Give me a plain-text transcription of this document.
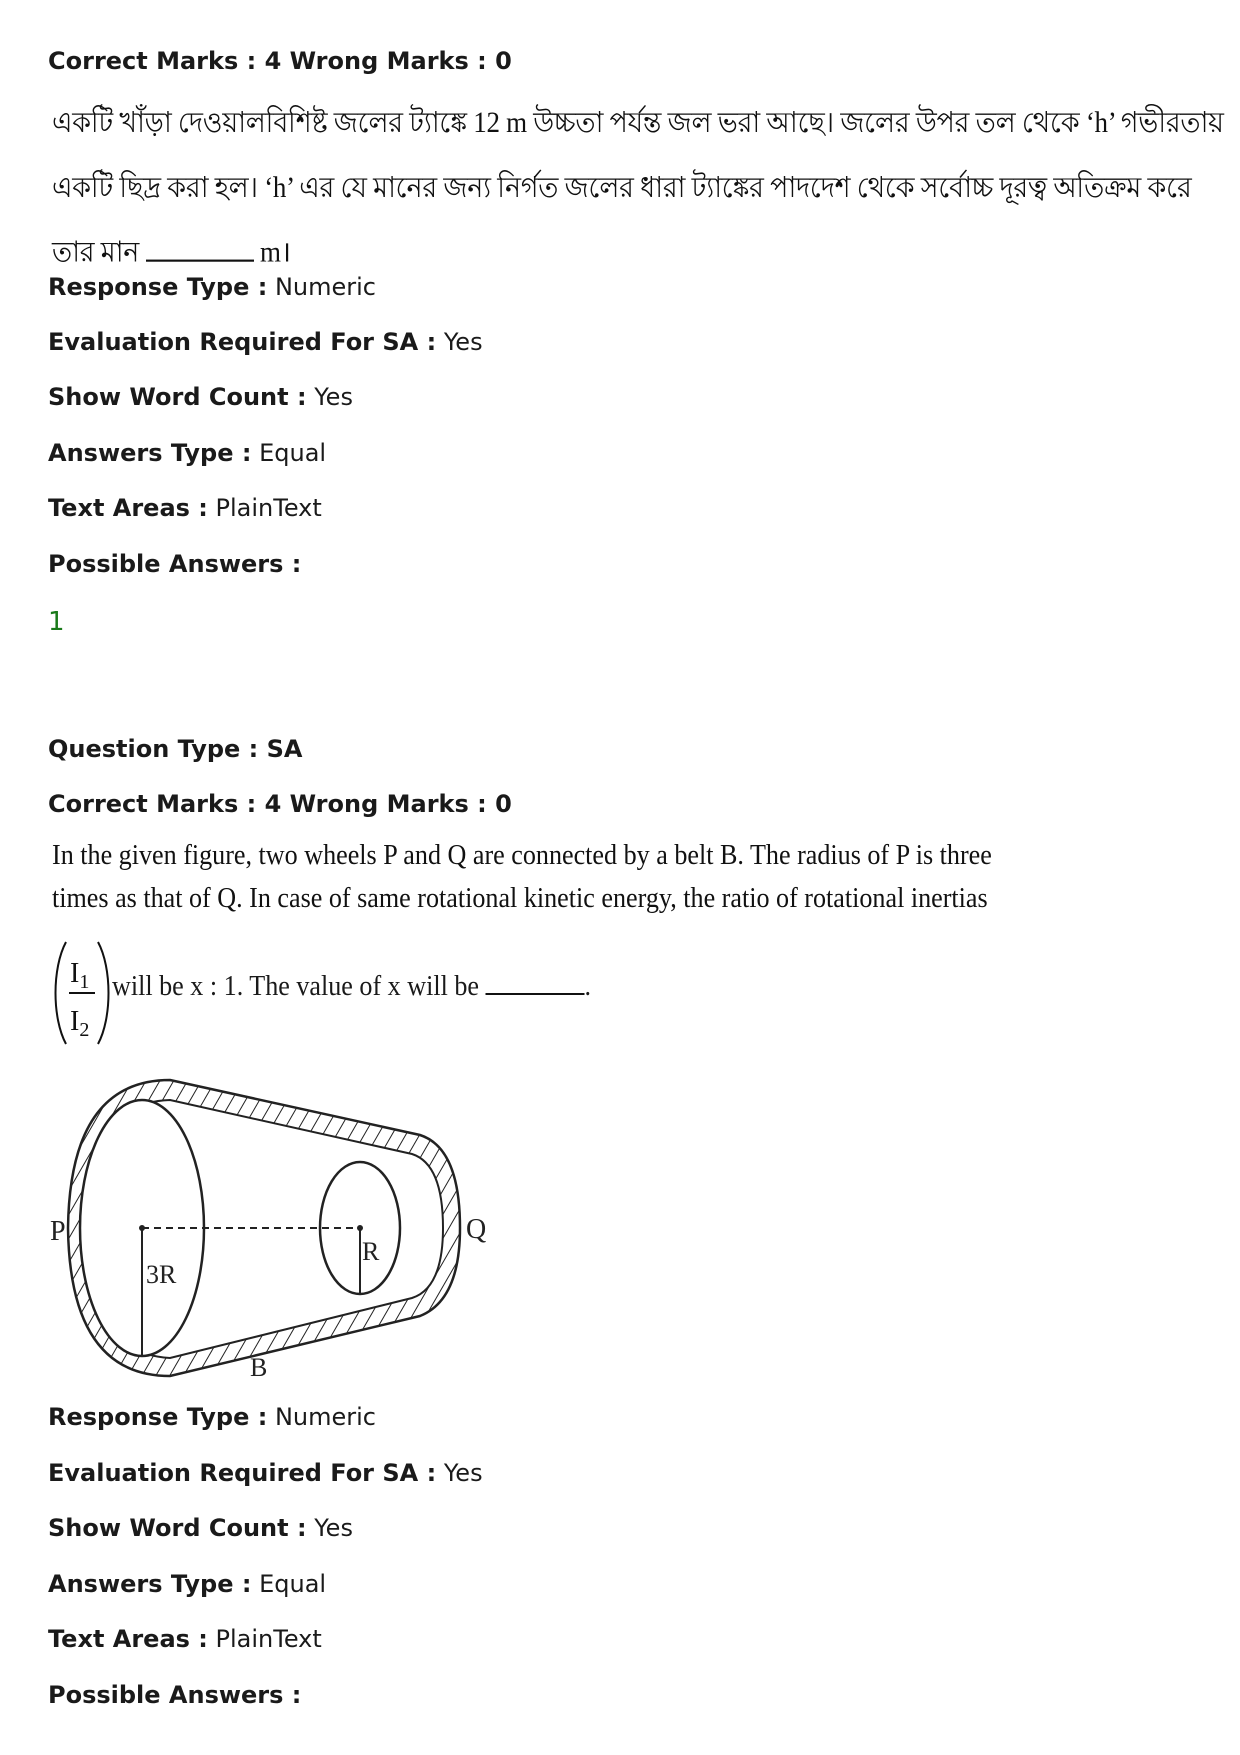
Correct Marks : 4 Wrong Marks : 0
একটি খাঁড়া দেওয়ালবিশিষ্ট জলের ট্যাঙ্কে 12 m উচ্চতা পর্যন্ত জল ভরা আছে। জলের উপর তল থেকে ‘h’ গভীরতায়
একটি ছিদ্র করা হল। ‘h’ এর যে মানের জন্য নির্গত জলের ধারা ট্যাঙ্কের পাদদেশ থেকে সর্বোচ্চ দূরত্ব অতিক্রম করে
তার মান	m।
Response Type : Numeric
Evaluation Required For SA : Yes
Show Word Count : Yes
Answers Type : Equal
Text Areas : PlainText
Possible Answers :
1
Question Type : SA
Correct Marks : 4 Wrong Marks : 0
In the given figure, two wheels P and Q are connected by a belt B. The radius of P is three
times as that of Q. In case of same rotational kinetic energy, the ratio of rotational inertias
$I_1$
$I_2$
will be x : 1. The value of x will be	.
P	Q
3R
R
B
Response Type : Numeric
Evaluation Required For SA : Yes
Show Word Count : Yes
Answers Type : Equal
Text Areas : PlainText
Possible Answers :
